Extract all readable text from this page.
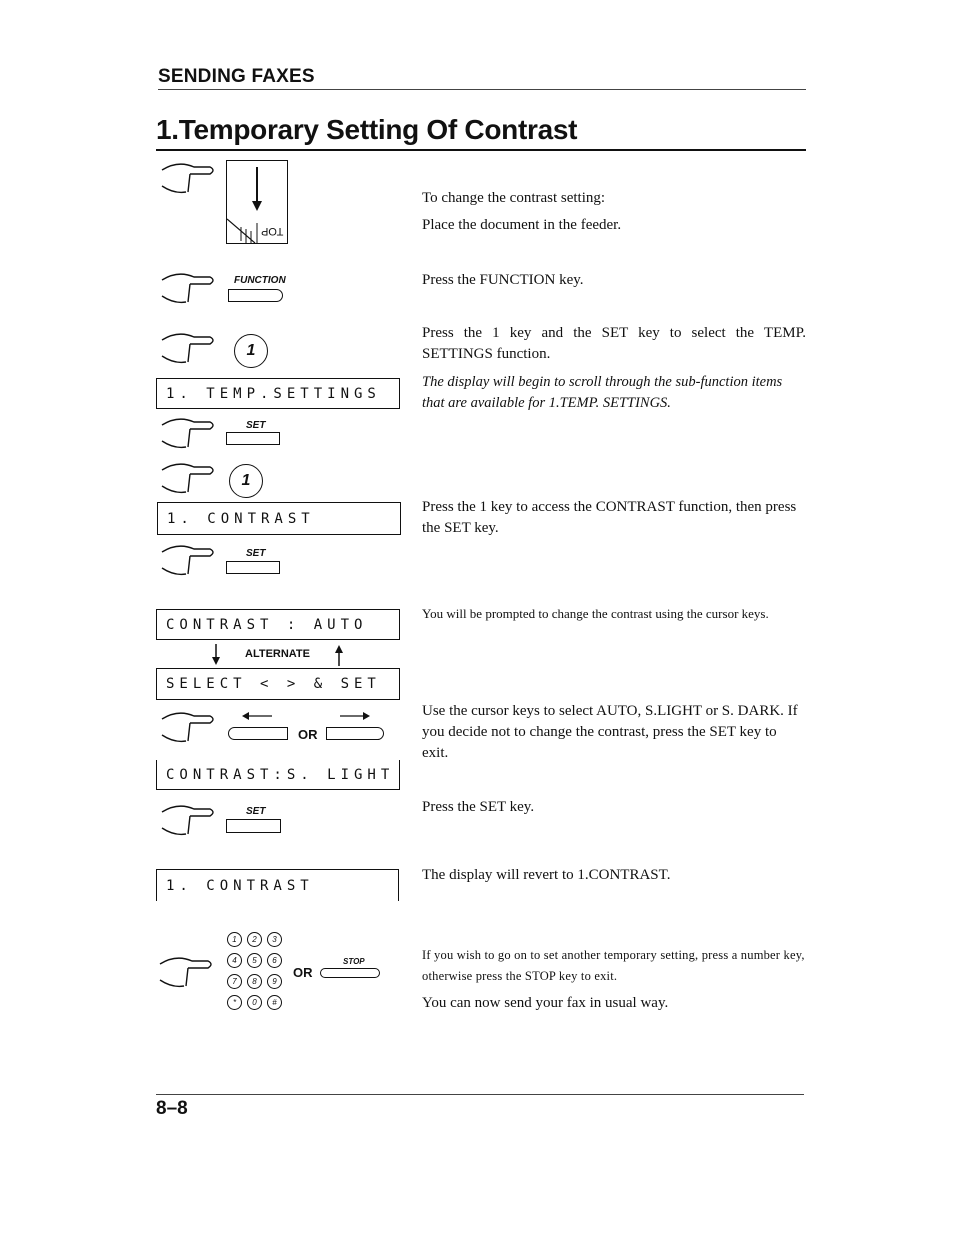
SENDING FAXES
1.Temporary Setting Of Contrast
TOP
To change the contrast setting:
Place the document in the feeder.
FUNCTION	Press the FUNCTION key.
1
1. TEMP.SETTINGS
Press the 1 key and the SET key to select the TEMP. SETTINGS function.
The display will begin to scroll through the sub-function items that are available for 1.TEMP. SETTINGS.
SET
1
1. CONTRAST
Press the 1 key to access the CONTRAST function, then press the SET key.
SET
CONTRAST : AUTO
ALTERNATE
SELECT < > & SET
You will be prompted to change the contrast using the cursor keys.
OR
CONTRAST:S. LIGHT
Use the cursor keys to select AUTO, S.LIGHT or S. DARK. If you decide not to change the contrast, press the SET key to exit.
SET	Press the SET key.
1. CONTRAST
The display will revert to 1.CONTRAST.
1	2	3
4	5	6
7	8	9
*	0	#
OR
STOP	If you wish to go on to set another temporary setting, press a number key, otherwise press the STOP key to exit.
You can now send your fax in usual way.
8–8
